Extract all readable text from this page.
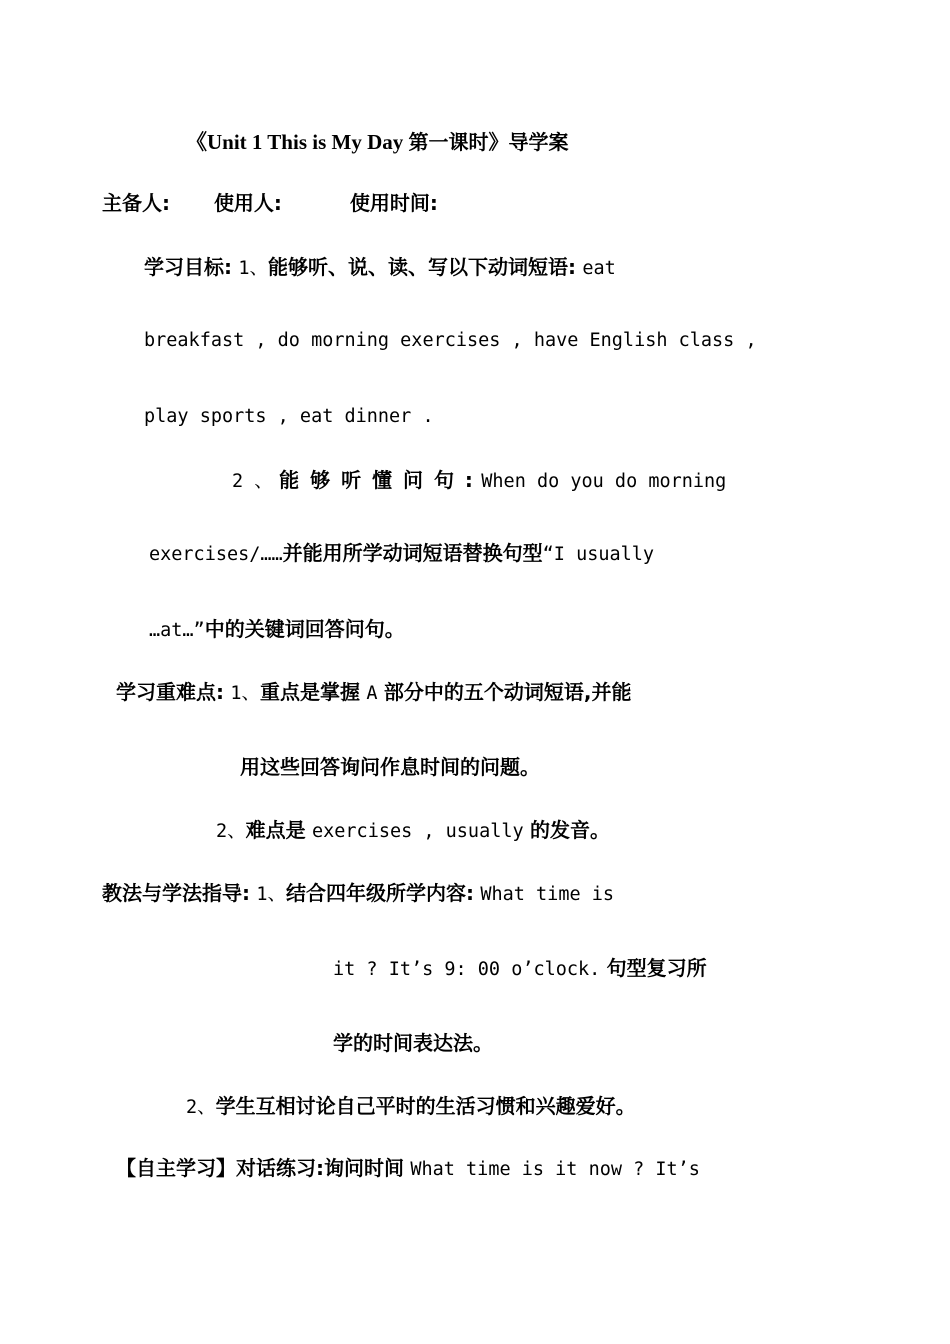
《Unit 1 This is My Day 第一课时》导学案
主备人: 使用人:	使用时间:
学习目标: 1、能够听、说、读、写以下动词短语: eat
breakfast , do morning exercises , have English class ,
play sports , eat dinner .
2 、 能 够 听 懂 问 句 : When do you do morning
exercises/……并能用所学动词短语替换句型“I usually
…at…”中的关键词回答问句。
学习重难点: 1、重点是掌握 A 部分中的五个动词短语,并能
用这些回答询问作息时间的问题。
2、难点是 exercises , usually 的发音。
教法与学法指导: 1、结合四年级所学内容: What time is
it ? It’s 9: 00 o’clock. 句型复习所
学的时间表达法。
2、学生互相讨论自己平时的生活习惯和兴趣爱好。
【自主学习】对话练习:询问时间 What time is it now ? It’s
